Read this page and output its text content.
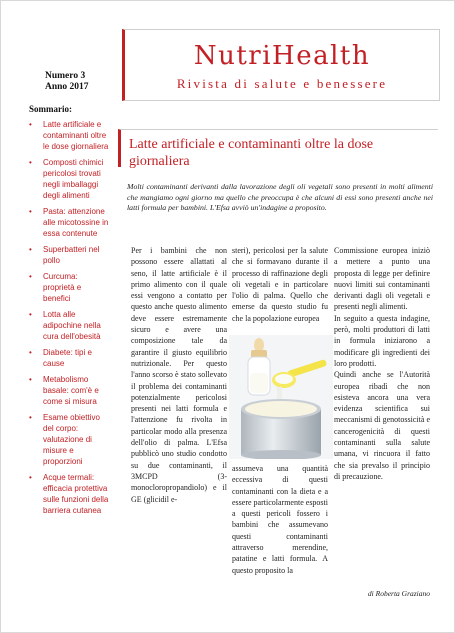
NutriHealth
Rivista di salute e benessere
Numero 3
Anno 2017
Sommario:
• Latte artificiale e contaminanti oltre le dose giornaliera
• Composti chimici pericolosi trovati negli imballaggi degli alimenti
• Pasta: attenzione alle micotossine in essa contenute
• Superbatteri nel pollo
• Curcuma: proprietà e benefici
• Lotta alle adipochine nella cura dell'obesità
• Diabete: tipi e cause
• Metabolismo basale: com'è e come si misura
• Esame obiettivo del corpo: valutazione di misure e proporzioni
• Acque termali: efficacia protettiva sulle funzioni della barriera cutanea
Latte artificiale e contaminanti oltre la dose giornaliera
Molti contaminanti derivanti dalla lavorazione degli oli vegetali sono presenti in molti alimenti che mangiamo ogni giorno ma quello che preoccupa è che alcuni di essi sono presenti anche nei latti formula per bambini. L'Efsa avviò un'indagine a proposito.

Per i bambini che non possono essere allattati al seno, il latte artificiale è il primo alimento con il quale essi vengono a contatto per questo anche questo alimento deve essere estremamente sicuro e avere una composizione tale da garantire il giusto equilibrio nutrizionale. Per questo l'anno scorso è stato sollevato il problema dei contaminanti potenzialmente pericolosi presenti nei latti formula e l'attenzione fu rivolta in particolar modo alla presenza dell'olio di palma. L'Efsa pubblicò uno studio condotto su due contaminanti, il 3MCPD (3-monocloropropandiolo) e il GE (glicidil e-

steri), pericolosi per la salute che si formavano durante il processo di raffinazione degli oli vegetali e in particolare l'olio di palma. Quello che emerse da questo studio fu che la popolazione europea

assumeva una quantità eccessiva di questi contaminanti con la dieta e a essere particolarmente esposti a questi pericoli fossero i bambini che assumevano questi contaminanti attraverso merendine, patatine e latti formula. A questo proposito la

Commissione europea iniziò a mettere a punto una proposta di legge per definire nuovi limiti sui contaminanti derivanti dagli oli vegetali e presenti negli alimenti.

In seguito a questa indagine, però, molti produttori di latti in formula iniziarono a modificare gli ingredienti dei loro prodotti.

Quindi anche se l'Autorità europea ribadì che non esisteva ancora una vera evidenza scientifica sui meccanismi di genotossicità e cancerogenicità di questi contaminanti sulla salute umana, vi rincuora il fatto che sia prevalso il principio di precauzione.

di Roberta Graziano
